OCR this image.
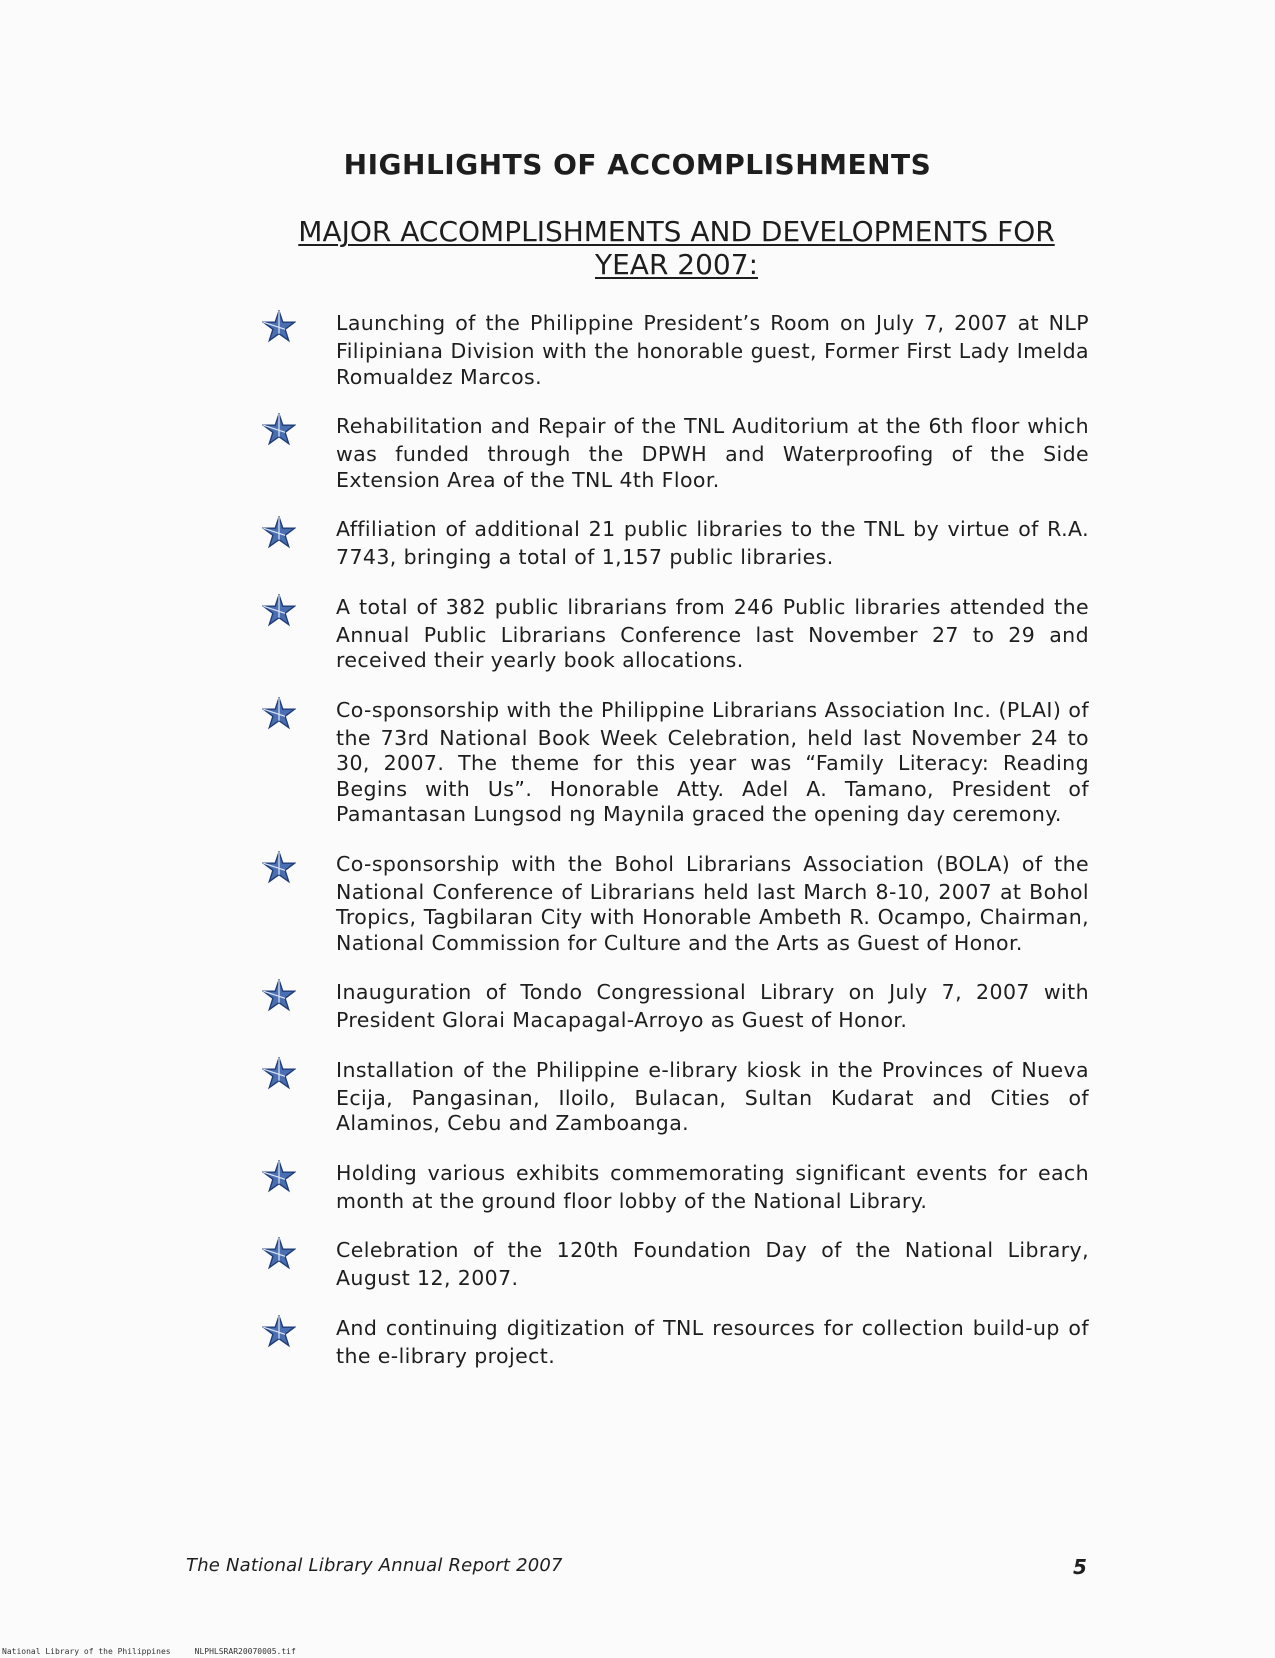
HIGHLIGHTS OF ACCOMPLISHMENTS
MAJOR ACCOMPLISHMENTS AND DEVELOPMENTS FOR
YEAR 2007:
Launching of the Philippine President’s Room on July 7, 2007 at NLP Filipiniana Division with the honorable guest, Former First Lady Imelda Romualdez Marcos.
Rehabilitation and Repair of the TNL Auditorium at the 6th floor which was funded through the DPWH and Waterproofing of the Side Extension Area of the TNL 4th Floor.
Affiliation of additional 21 public libraries to the TNL by virtue of R.A. 7743, bringing a total of 1,157 public libraries.
A total of 382 public librarians from 246 Public libraries attended the Annual Public Librarians Conference last November 27 to 29 and received their yearly book allocations.
Co-sponsorship with the Philippine Librarians Association Inc. (PLAI) of the 73rd National Book Week Celebration, held last November 24 to 30, 2007. The theme for this year was “Family Literacy: Reading Begins with Us”. Honorable Atty. Adel A. Tamano, President of Pamantasan Lungsod ng Maynila graced the opening day ceremony.
Co-sponsorship with the Bohol Librarians Association (BOLA) of the National Conference of Librarians held last March 8-10, 2007 at Bohol Tropics, Tagbilaran City with Honorable Ambeth R. Ocampo, Chairman, National Commission for Culture and the Arts as Guest of Honor.
Inauguration of Tondo Congressional Library on July 7, 2007 with President Glorai Macapagal-Arroyo as Guest of Honor.
Installation of the Philippine e-library kiosk in the Provinces of Nueva Ecija, Pangasinan, Iloilo, Bulacan, Sultan Kudarat and Cities of Alaminos, Cebu and Zamboanga.
Holding various exhibits commemorating significant events for each month at the ground floor lobby of the National Library.
Celebration of the 120th Foundation Day of the National Library, August 12, 2007.
And continuing digitization of TNL resources for collection build-up of the e-library project.
The National Library Annual Report 2007	5
National Library of the Philippines     NLPHLSRAR20070005.tif
